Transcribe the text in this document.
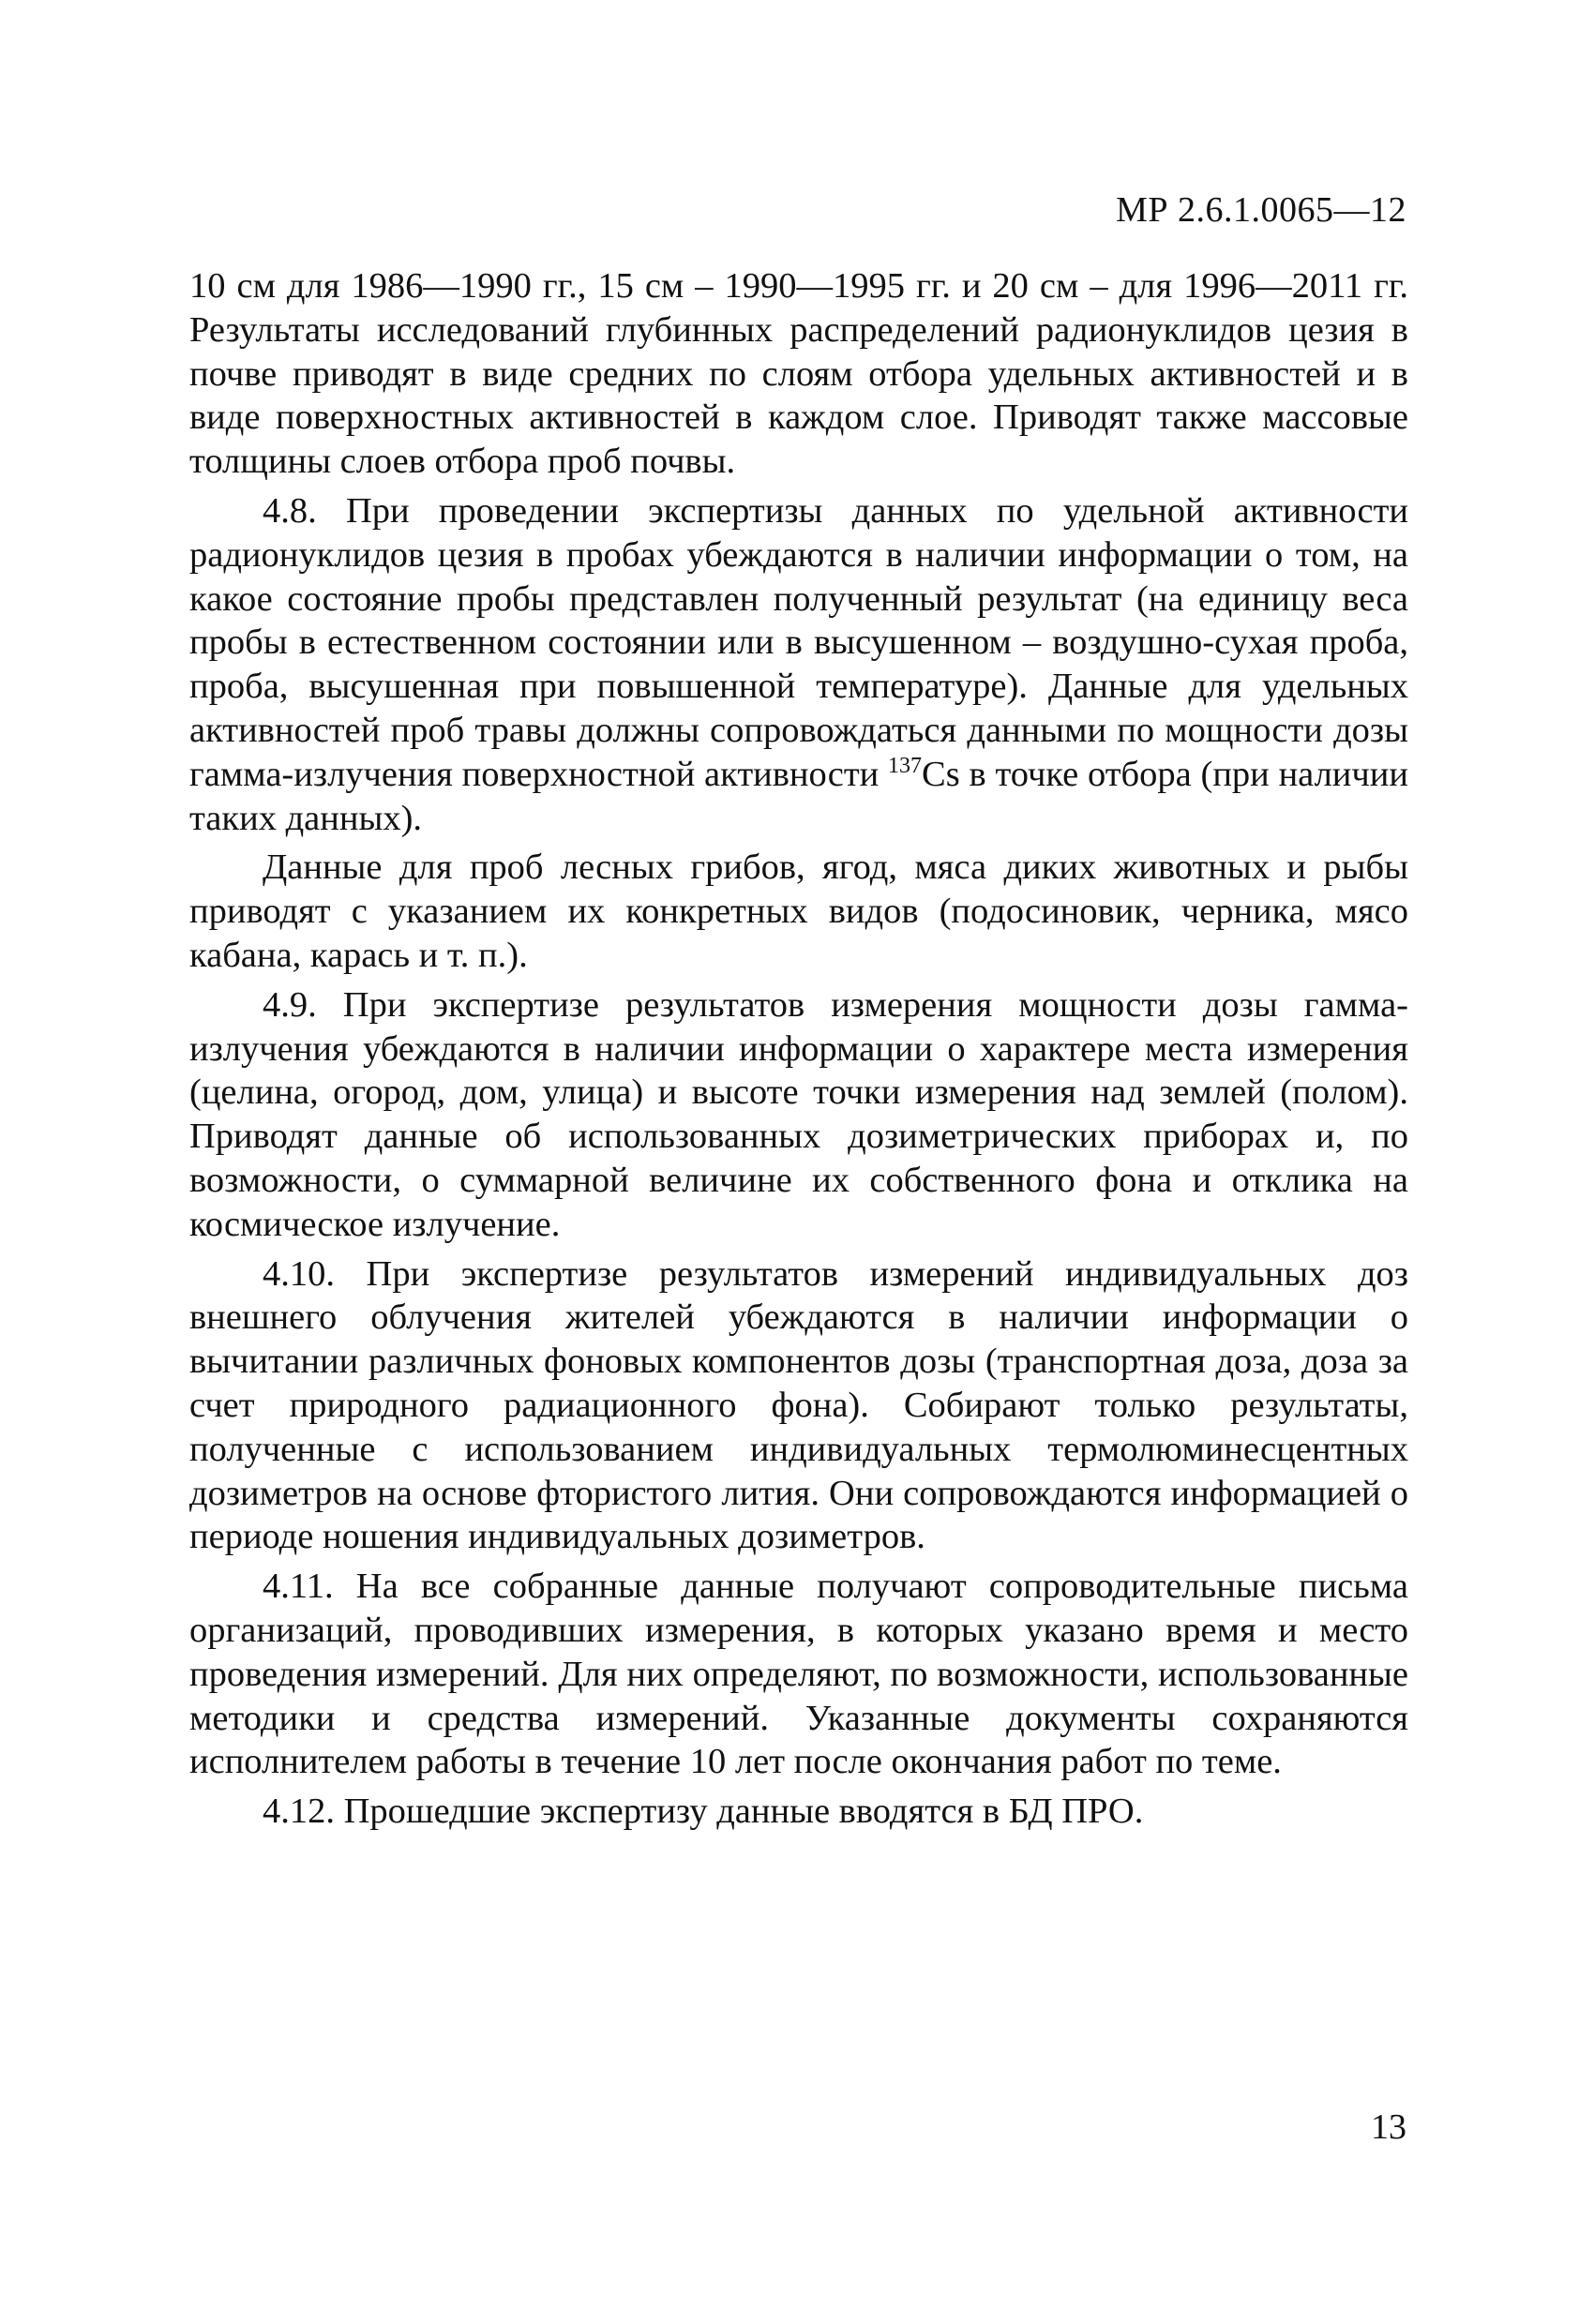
МР 2.6.1.0065—12

10 см для 1986—1990 гг., 15 см – 1990—1995 гг. и 20 см – для 1996—2011 гг. Результаты исследований глубинных распределений радионуклидов цезия в почве приводят в виде средних по слоям отбора удельных активностей и в виде поверхностных активностей в каждом слое. Приводят также массовые толщины слоев отбора проб почвы.

4.8. При проведении экспертизы данных по удельной активности радионуклидов цезия в пробах убеждаются в наличии информации о том, на какое состояние пробы представлен полученный результат (на единицу веса пробы в естественном состоянии или в высушенном – воздушно-сухая проба, проба, высушенная при повышенной температуре). Данные для удельных активностей проб травы должны сопровождаться данными по мощности дозы гамма-излучения поверхностной активности $^{137}$Cs в точке отбора (при наличии таких данных).

Данные для проб лесных грибов, ягод, мяса диких животных и рыбы приводят с указанием их конкретных видов (подосиновик, черника, мясо кабана, карась и т. п.).

4.9. При экспертизе результатов измерения мощности дозы гамма-излучения убеждаются в наличии информации о характере места измерения (целина, огород, дом, улица) и высоте точки измерения над землей (полом). Приводят данные об использованных дозиметрических приборах и, по возможности, о суммарной величине их собственного фона и отклика на космическое излучение.

4.10. При экспертизе результатов измерений индивидуальных доз внешнего облучения жителей убеждаются в наличии информации о вычитании различных фоновых компонентов дозы (транспортная доза, доза за счет природного радиационного фона). Собирают только результаты, полученные с использованием индивидуальных термолюминесцентных дозиметров на основе фтористого лития. Они сопровождаются информацией о периоде ношения индивидуальных дозиметров.

4.11. На все собранные данные получают сопроводительные письма организаций, проводивших измерения, в которых указано время и место проведения измерений. Для них определяют, по возможности, использованные методики и средства измерений. Указанные документы сохраняются исполнителем работы в течение 10 лет после окончания работ по теме.

4.12. Прошедшие экспертизу данные вводятся в БД ПРО.

13
